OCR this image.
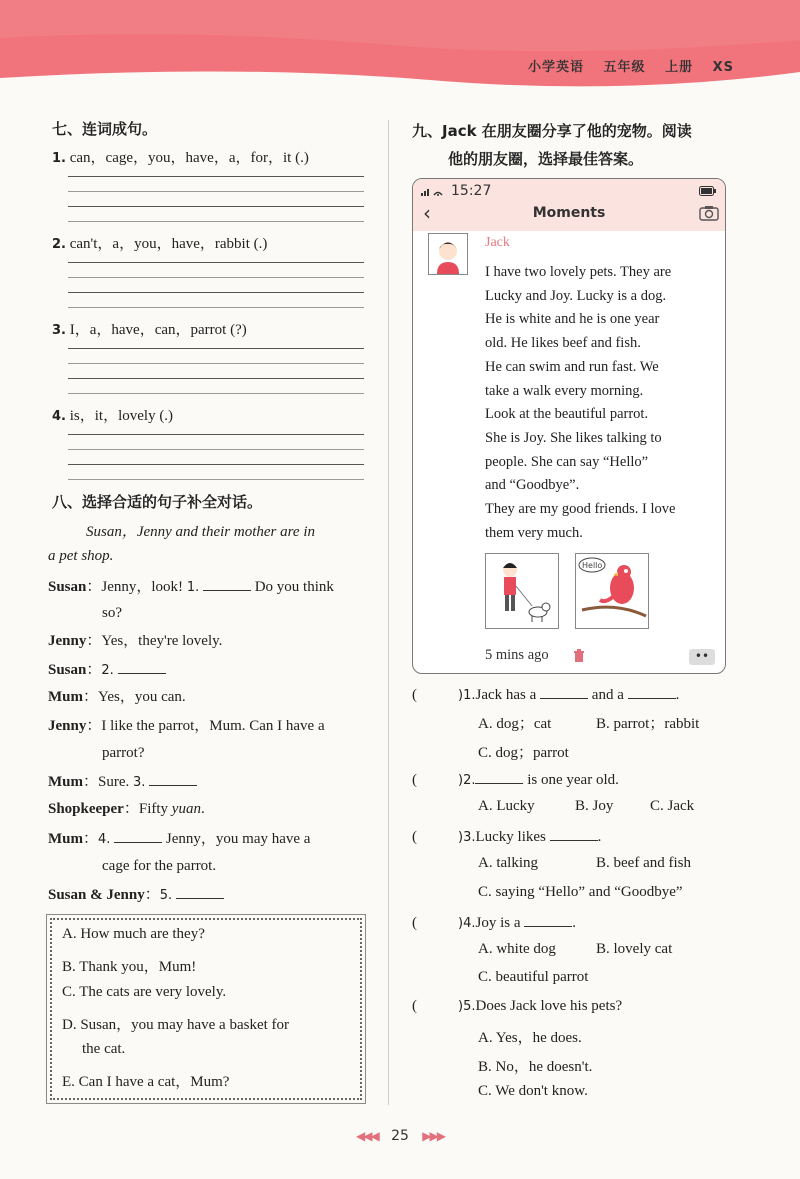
小学英语 五年级 上册 XS
七、连词成句。
1. can，cage，you，have，a，for，it (.)
2. can't，a，you，have，rabbit (.)
3. I，a，have，can，parrot (?)
4. is，it，lovely (.)
八、选择合适的句子补全对话。
Susan，Jenny and their mother are in
a pet shop.
Susan：Jenny，look! 1.	Do you think
so?
Jenny：Yes，they're lovely.
Susan：2.
Mum：Yes，you can.
Jenny：I like the parrot，Mum. Can I have a
parrot?
Mum：Sure. 3.
Shopkeeper：Fifty yuan.
Mum：4.	Jenny，you may have a
cage for the parrot.
Susan & Jenny：5.
A. How much are they?
B. Thank you，Mum!
C. The cats are very lovely.
D. Susan，you may have a basket for
the cat.
E. Can I have a cat，Mum?
九、Jack 在朋友圈分享了他的宠物。阅读
他的朋友圈，选择最佳答案。
15:27
‹	Moments
Jack
I have two lovely pets. They are
Lucky and Joy. Lucky is a dog.
He is white and he is one year
old. He likes beef and fish.
He can swim and run fast. We
take a walk every morning.
Look at the beautiful parrot.
She is Joy. She likes talking to
people. She can say “Hello”
and “Goodbye”.
They are my good friends. I love
them very much.
Hello
5 mins ago	••
(	)1.Jack has a	and a	.
A. dog；cat	B. parrot；rabbit
C. dog；parrot
(	)2.	is one year old.
A. Lucky	B. Joy C. Jack
(	)3.Lucky likes	.
A. talking	B. beef and fish
C. saying “Hello” and “Goodbye”
(	)4.Joy is a	.
A. white dog	B. lovely cat
C. beautiful parrot
(	)5.Does Jack love his pets?
A. Yes，he does.
B. No，he doesn't.
C. We don't know.
◀◀◀ 25 ▶▶▶
